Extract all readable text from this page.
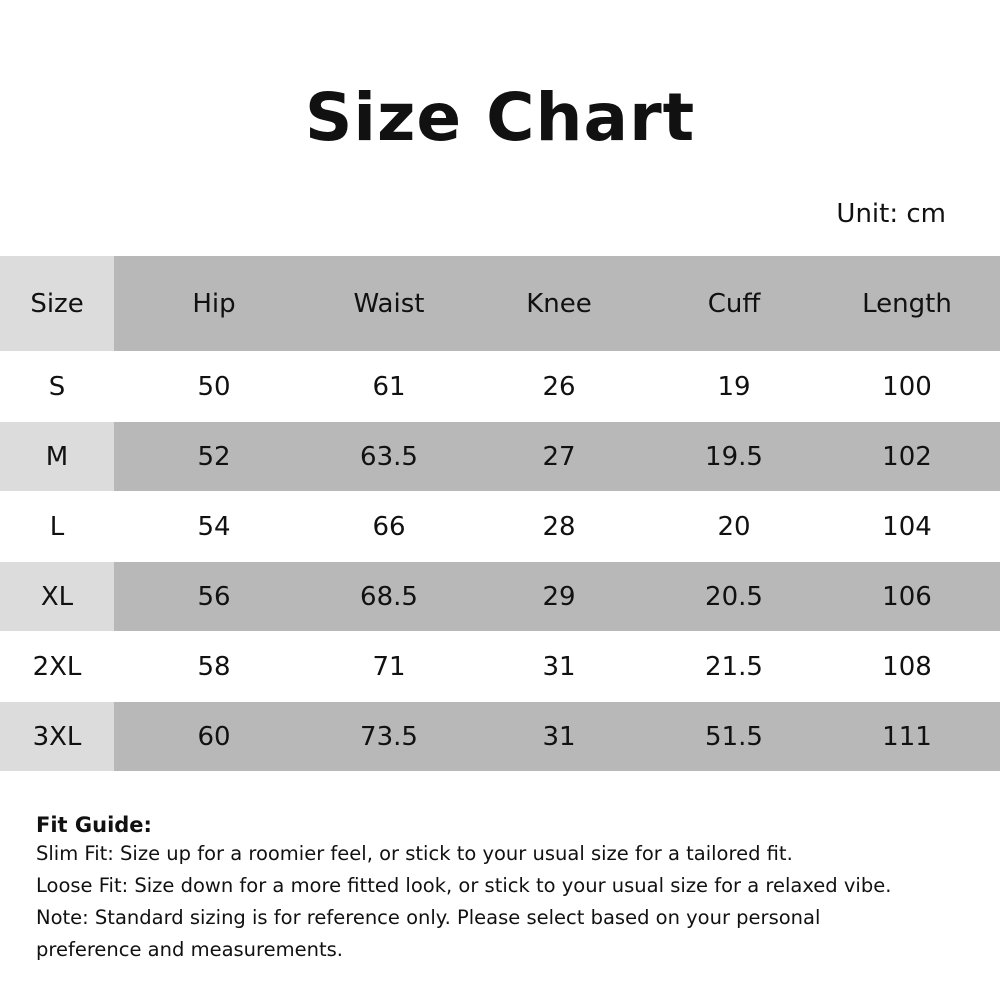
Size Chart
Unit: cm
Size	Hip	Waist	Knee	Cuff	Length
S	50	61	26	19	100
M	52	63.5	27	19.5	102
L	54	66	28	20	104
XL	56	68.5	29	20.5	106
2XL	58	71	31	21.5	108
3XL	60	73.5	31	51.5	111
Fit Guide:
Slim Fit: Size up for a roomier feel, or stick to your usual size for a tailored fit.
Loose Fit: Size down for a more fitted look, or stick to your usual size for a relaxed vibe.
Note: Standard sizing is for reference only. Please select based on your personal
preference and measurements.
